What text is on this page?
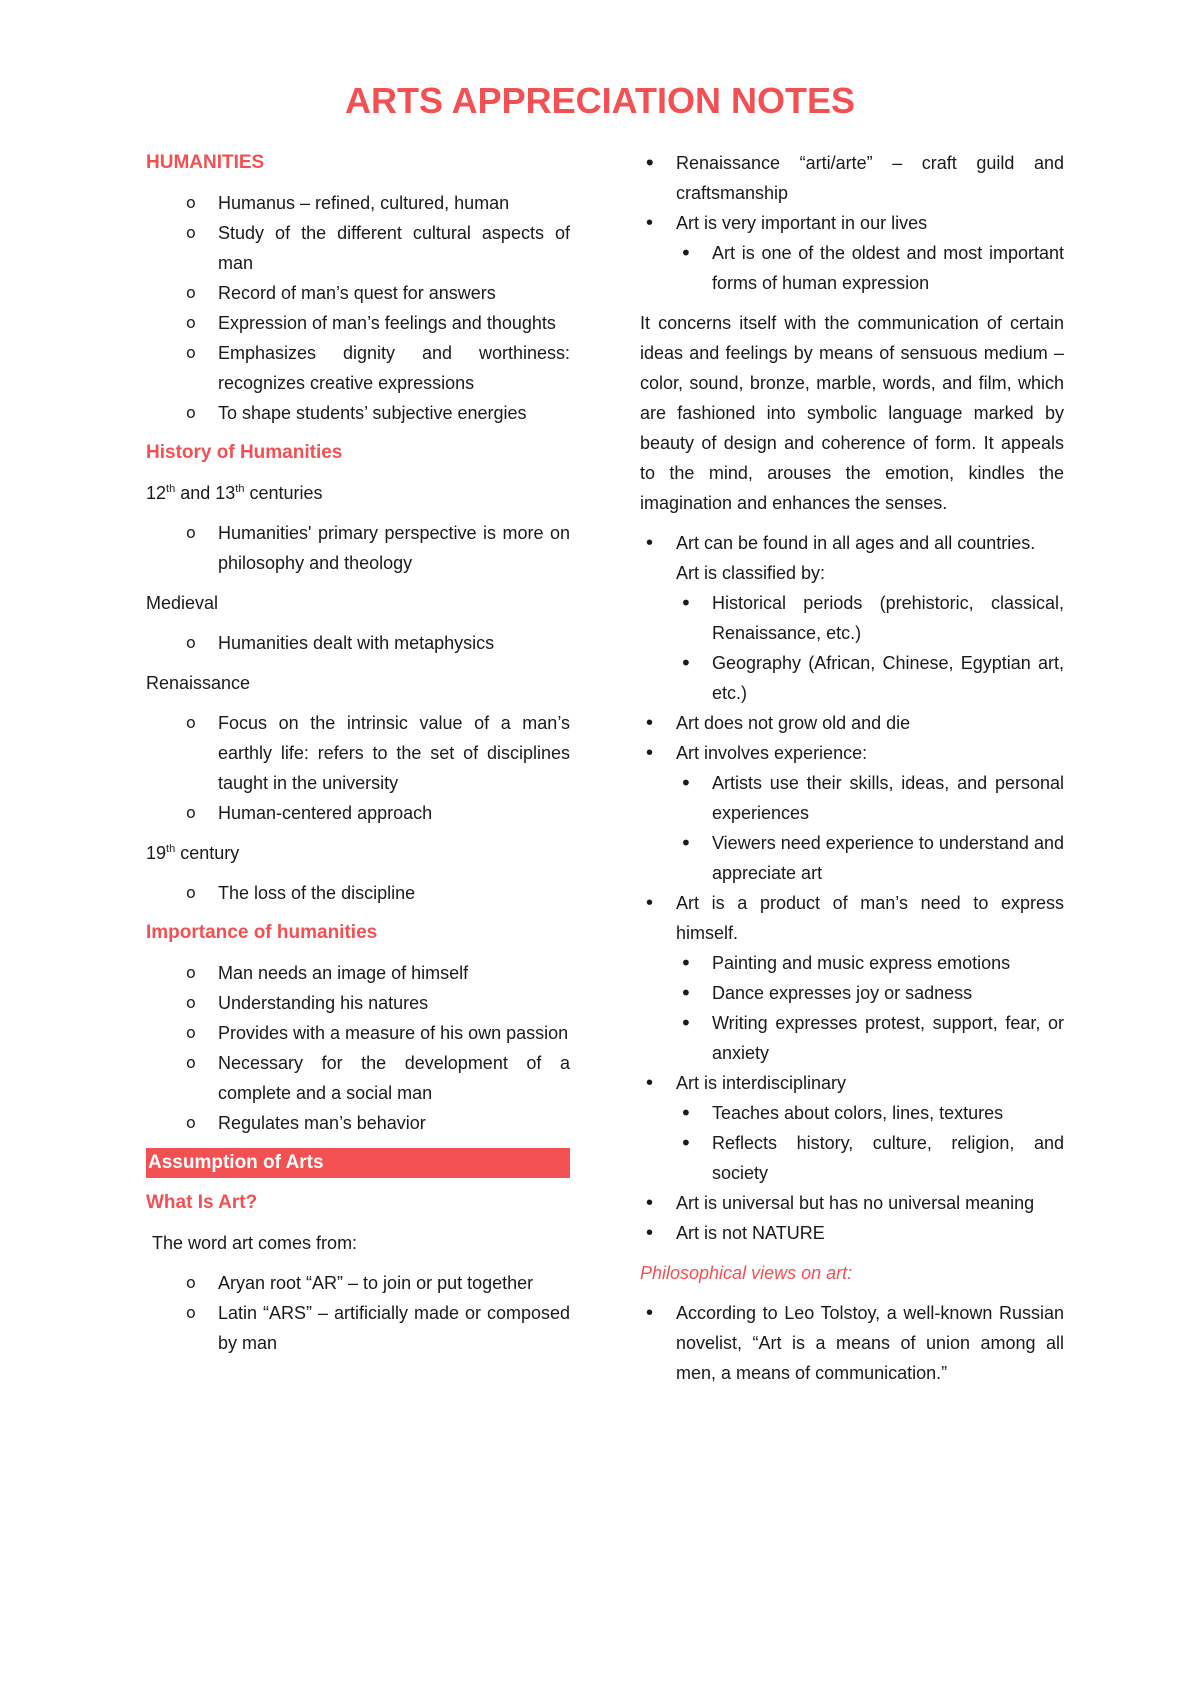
ARTS APPRECIATION NOTES

HUMANITIES

o Humanus – refined, cultured, human
o Study of the different cultural aspects of man
o Record of man’s quest for answers
o Expression of man’s feelings and thoughts
o Emphasizes dignity and worthiness: recognizes creative expressions
o To shape students’ subjective energies

History of Humanities

12th and 13th centuries

o Humanities' primary perspective is more on philosophy and theology

Medieval

o Humanities dealt with metaphysics

Renaissance

o Focus on the intrinsic value of a man’s earthly life: refers to the set of disciplines taught in the university
o Human-centered approach

19th century

o The loss of the discipline

Importance of humanities

o Man needs an image of himself
o Understanding his natures
o Provides with a measure of his own passion
o Necessary for the development of a complete and a social man
o Regulates man’s behavior

Assumption of Arts

What Is Art?

The word art comes from:

o Aryan root “AR” – to join or put together
o Latin “ARS” – artificially made or composed by man
• • Renaissance “arti/arte” – craft guild and craftsmanship
• Art is very important in our lives
• Art is one of the oldest and most important forms of human expression

It concerns itself with the communication of certain ideas and feelings by means of sensuous medium – color, sound, bronze, marble, words, and film, which are fashioned into symbolic language marked by beauty of design and coherence of form. It appeals to the mind, arouses the emotion, kindles the imagination and enhances the senses.

• Art can be found in all ages and all countries.
Art is classified by:
• Historical periods (prehistoric, classical, Renaissance, etc.)
• Geography (African, Chinese, Egyptian art, etc.)
• Art does not grow old and die
• Art involves experience:
• Artists use their skills, ideas, and personal experiences
• Viewers need experience to understand and appreciate art
• Art is a product of man’s need to express himself.
• Painting and music express emotions
• Dance expresses joy or sadness
• Writing expresses protest, support, fear, or anxiety
• Art is interdisciplinary
• Teaches about colors, lines, textures
• Reflects history, culture, religion, and society
• Art is universal but has no universal meaning
• Art is not NATURE

Philosophical views on art:

• According to Leo Tolstoy, a well-known Russian novelist, “Art is a means of union among all men, a means of communication.”
